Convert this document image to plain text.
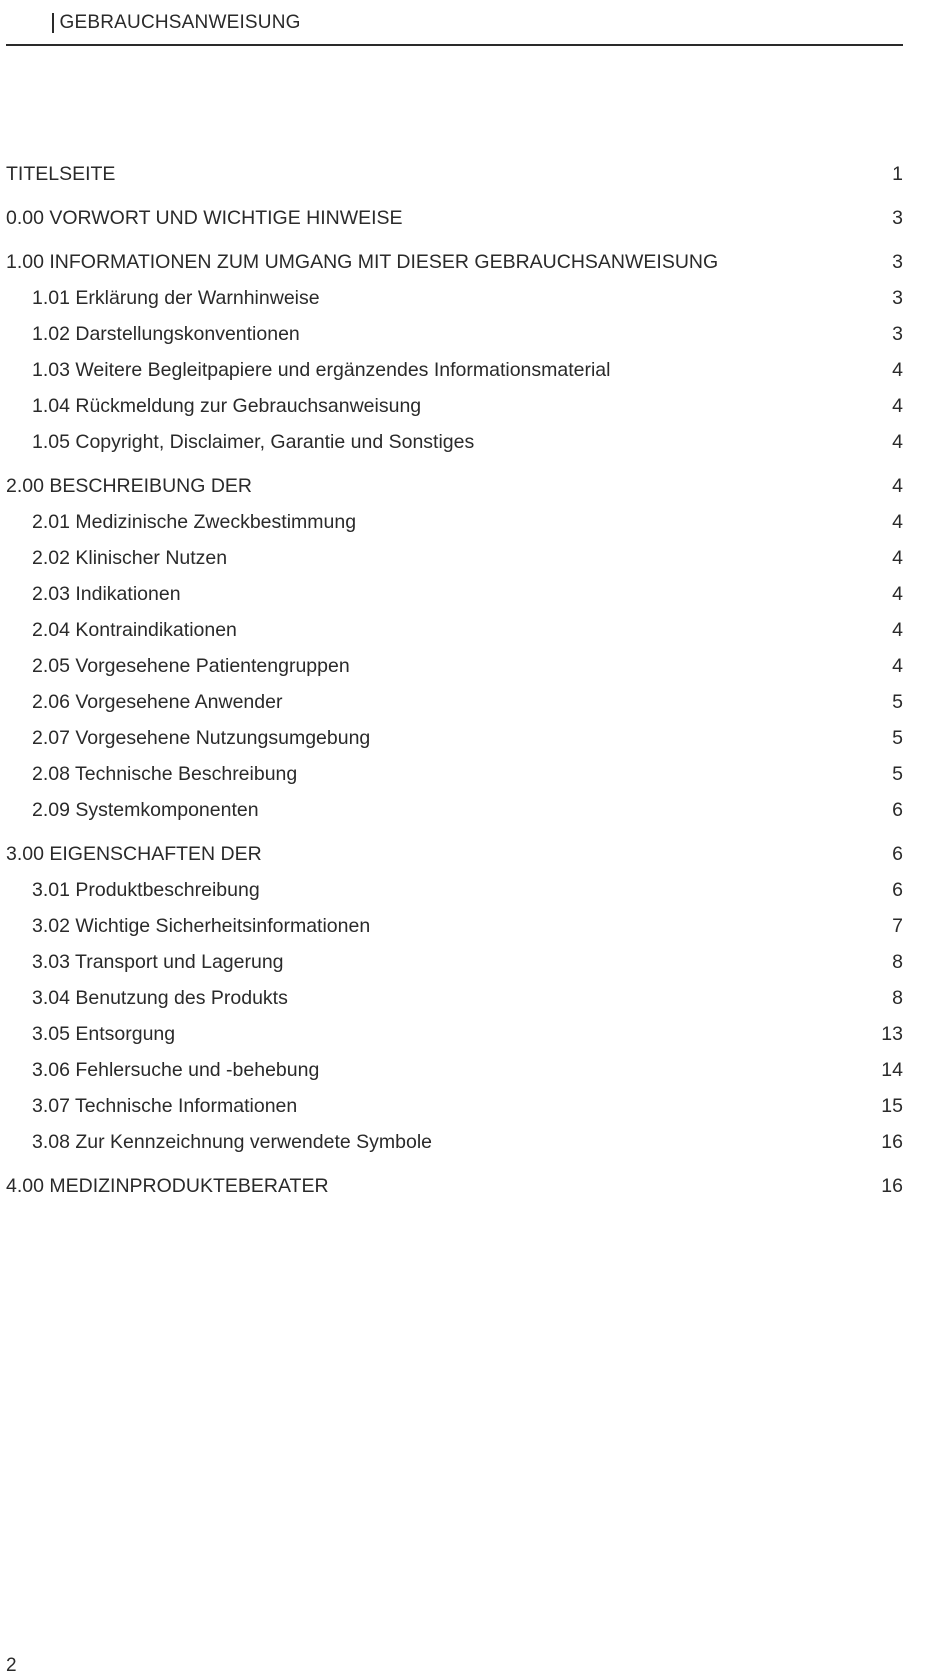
GEBRAUCHSANWEISUNG
TITELSEITE	1
0.00 VORWORT UND WICHTIGE HINWEISE	3
1.00 INFORMATIONEN ZUM UMGANG MIT DIESER GEBRAUCHSANWEISUNG	3
1.01 Erklärung der Warnhinweise	3
1.02 Darstellungskonventionen	3
1.03 Weitere Begleitpapiere und ergänzendes Informationsmaterial	4
1.04 Rückmeldung zur Gebrauchsanweisung	4
1.05 Copyright, Disclaimer, Garantie und Sonstiges	4
2.00 BESCHREIBUNG DER	4
2.01 Medizinische Zweckbestimmung	4
2.02 Klinischer Nutzen	4
2.03 Indikationen	4
2.04 Kontraindikationen	4
2.05 Vorgesehene Patientengruppen	4
2.06 Vorgesehene Anwender	5
2.07 Vorgesehene Nutzungsumgebung	5
2.08 Technische Beschreibung	5
2.09 Systemkomponenten	6
3.00 EIGENSCHAFTEN DER	6
3.01 Produktbeschreibung	6
3.02 Wichtige Sicherheitsinformationen	7
3.03 Transport und Lagerung	8
3.04 Benutzung des Produkts	8
3.05 Entsorgung	13
3.06 Fehlersuche und -behebung	14
3.07 Technische Informationen	15
3.08 Zur Kennzeichnung verwendete Symbole	16
4.00 MEDIZINPRODUKTEBERATER	16
2
